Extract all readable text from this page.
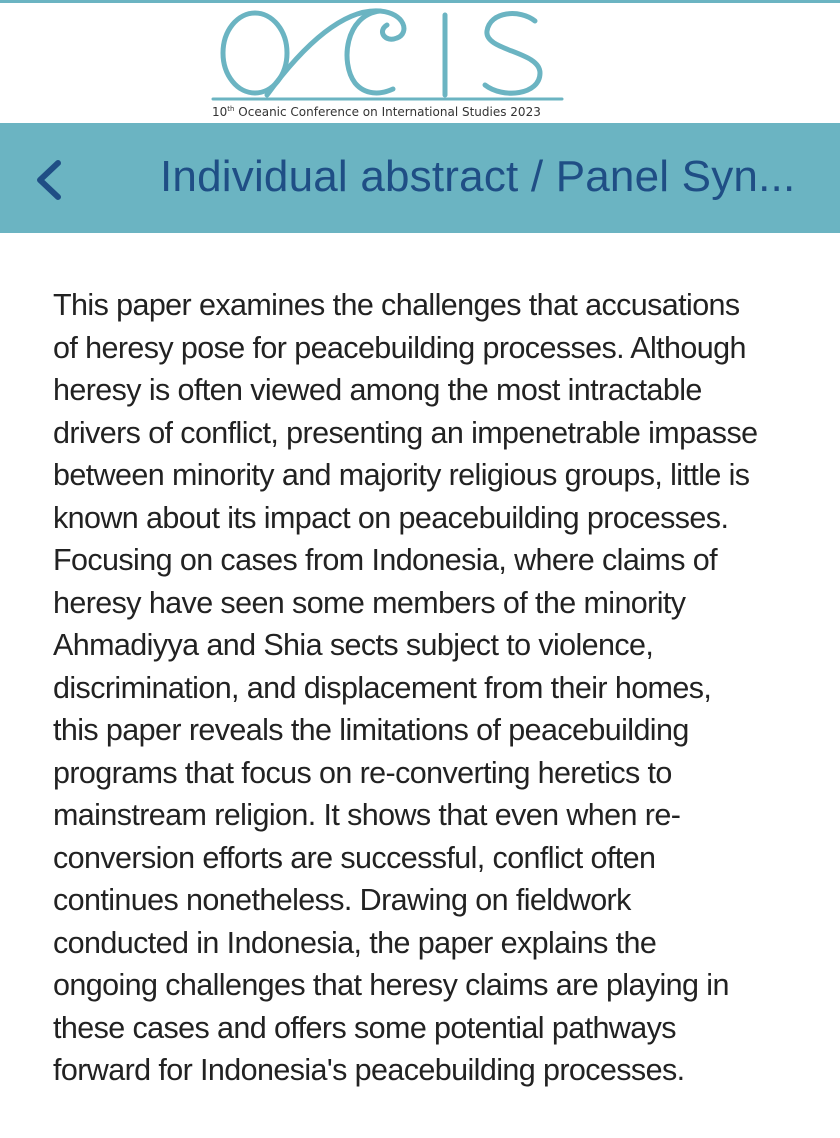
10th Oceanic Conference on International Studies 2023
Individual abstract / Panel Syn...
This paper examines the challenges that accusations
of heresy pose for peacebuilding processes. Although
heresy is often viewed among the most intractable
drivers of conflict, presenting an impenetrable impasse
between minority and majority religious groups, little is
known about its impact on peacebuilding processes.
Focusing on cases from Indonesia, where claims of
heresy have seen some members of the minority
Ahmadiyya and Shia sects subject to violence,
discrimination, and displacement from their homes,
this paper reveals the limitations of peacebuilding
programs that focus on re-converting heretics to
mainstream religion. It shows that even when re-
conversion efforts are successful, conflict often
continues nonetheless. Drawing on fieldwork
conducted in Indonesia, the paper explains the
ongoing challenges that heresy claims are playing in
these cases and offers some potential pathways
forward for Indonesia's peacebuilding processes.
